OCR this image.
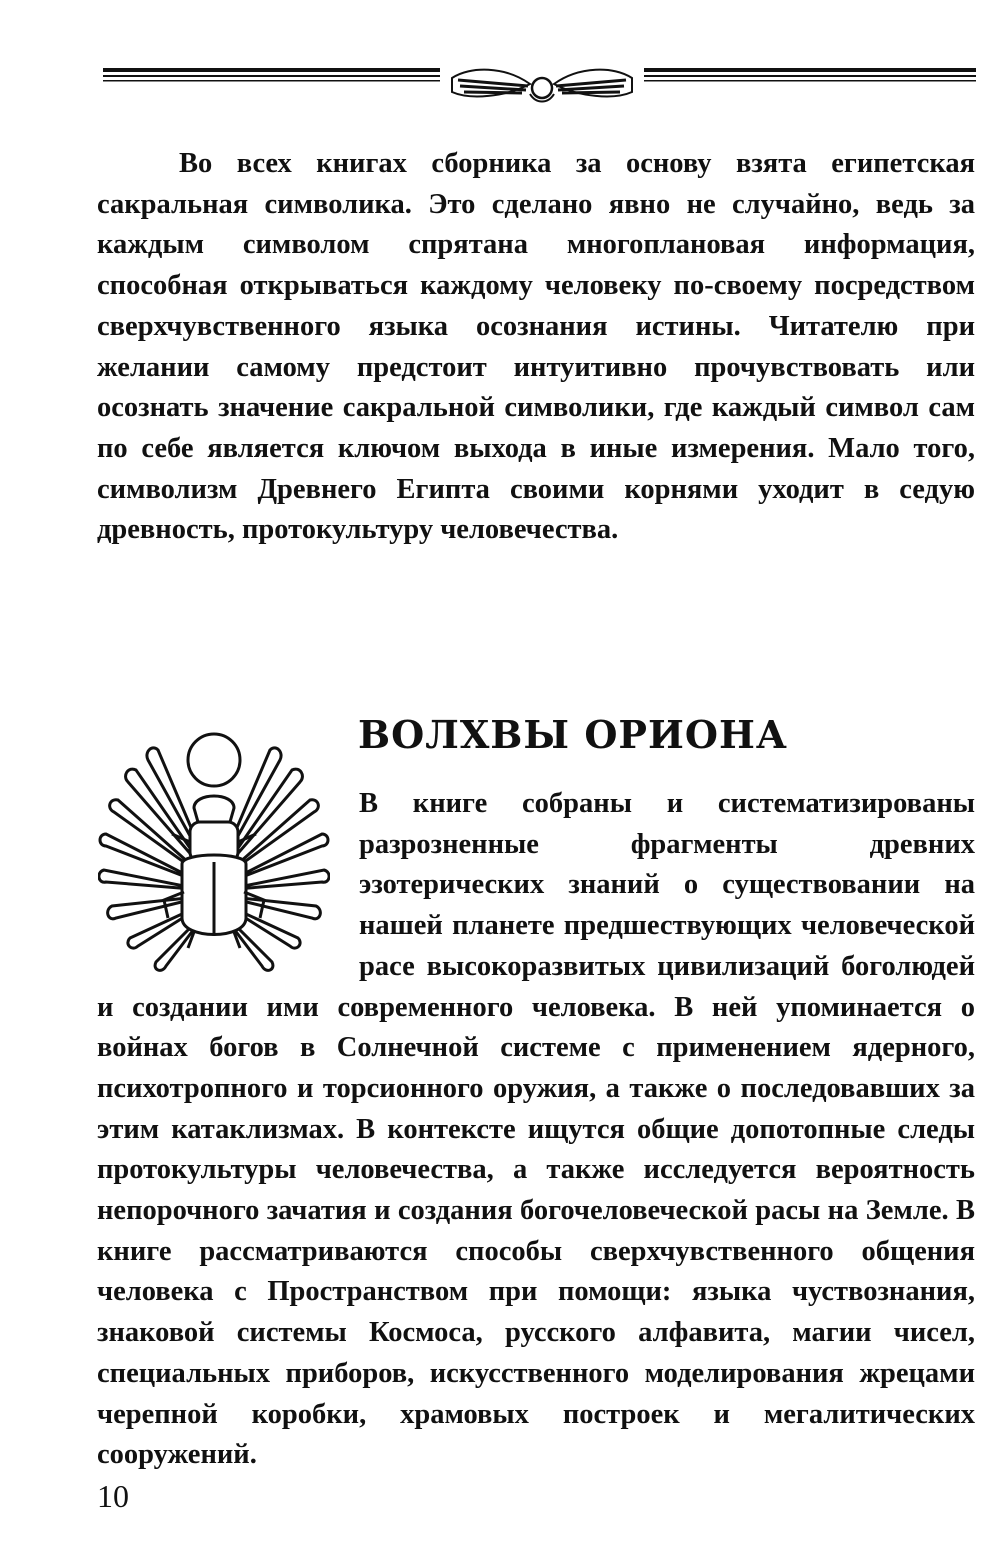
Во всех книгах сборника за основу взята египетская сакральная символика. Это сделано явно не случайно, ведь за каждым символом спрятана многоплановая информация, способная открываться каждому человеку по-своему посредством сверхчувственного языка осознания истины. Читателю при желании самому предстоит интуитивно прочувствовать или осознать значение сакральной символики, где каждый символ сам по себе является ключом выхода в иные измерения. Мало того, символизм Древнего Египта своими корнями уходит в седую древность, протокультуру человечества.

ВОЛХВЫ ОРИОНА

В книге собраны и систематизированы разрозненные фрагменты древних эзотерических знаний о существовании на нашей планете предшествующих человеческой расе высокоразвитых цивилизаций боголюдей и создании ими современного человека. В ней упоминается о войнах богов в Солнечной системе с применением ядерного, психотропного и торсионного оружия, а также о последовавших за этим катаклизмах. В контексте ищутся общие допотопные следы протокультуры человечества, а также исследуется вероятность непорочного зачатия и создания богочеловеческой расы на Земле. В книге рассматриваются способы сверхчувственного общения человека с Пространством при помощи: языка чуствознания, знаковой системы Космоса, русского алфавита, магии чисел, специальных приборов, искусственного моделирования жрецами черепной коробки, храмовых построек и мегалитических сооружений.

10
